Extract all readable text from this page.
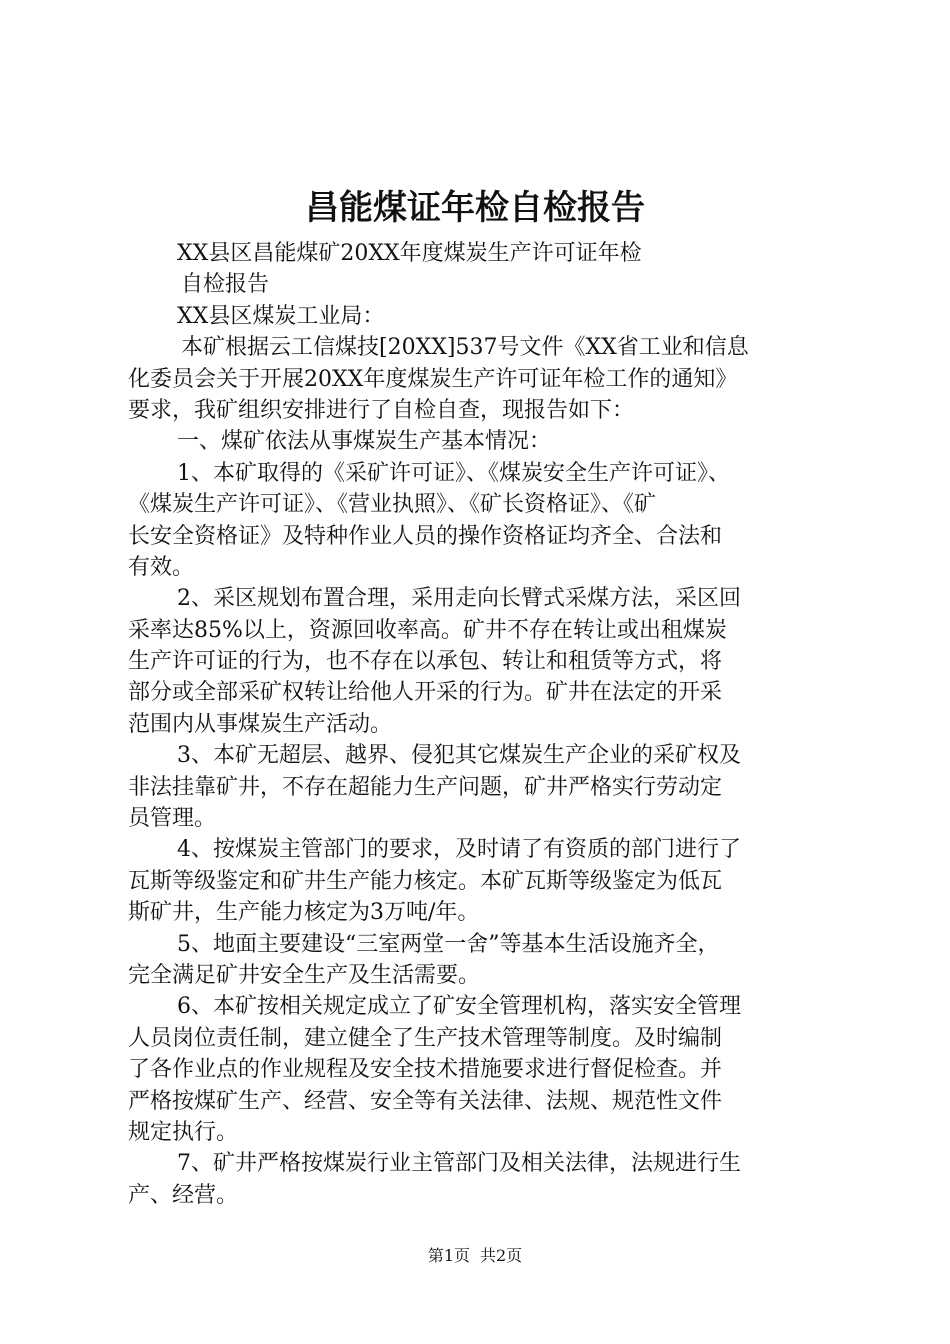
昌能煤证年检自检报告
XX县区昌能煤矿20XX年度煤炭生产许可证年检
自检报告
XX县区煤炭工业局：
本矿根据云工信煤技[20XX]537号文件《XX省工业和信息
化委员会关于开展20XX年度煤炭生产许可证年检工作的通知》
要求，我矿组织安排进行了自检自查，现报告如下：
一、煤矿依法从事煤炭生产基本情况：
1、本矿取得的《采矿许可证》、《煤炭安全生产许可证》、
《煤炭生产许可证》、《营业执照》、《矿长资格证》、《矿
长安全资格证》及特种作业人员的操作资格证均齐全、合法和
有效。
2、采区规划布置合理，采用走向长臂式采煤方法，采区回
采率达85%以上，资源回收率高。矿井不存在转让或出租煤炭
生产许可证的行为，也不存在以承包、转让和租赁等方式，将
部分或全部采矿权转让给他人开采的行为。矿井在法定的开采
范围内从事煤炭生产活动。
3、本矿无超层、越界、侵犯其它煤炭生产企业的采矿权及
非法挂靠矿井，不存在超能力生产问题，矿井严格实行劳动定
员管理。
4、按煤炭主管部门的要求，及时请了有资质的部门进行了
瓦斯等级鉴定和矿井生产能力核定。本矿瓦斯等级鉴定为低瓦
斯矿井，生产能力核定为3万吨/年。
5、地面主要建设“三室两堂一舍”等基本生活设施齐全，
完全满足矿井安全生产及生活需要。
6、本矿按相关规定成立了矿安全管理机构，落实安全管理
人员岗位责任制，建立健全了生产技术管理等制度。及时编制
了各作业点的作业规程及安全技术措施要求进行督促检查。并
严格按煤矿生产、经营、安全等有关法律、法规、规范性文件
规定执行。
7、矿井严格按煤炭行业主管部门及相关法律，法规进行生
产、经营。
第1页 共2页
